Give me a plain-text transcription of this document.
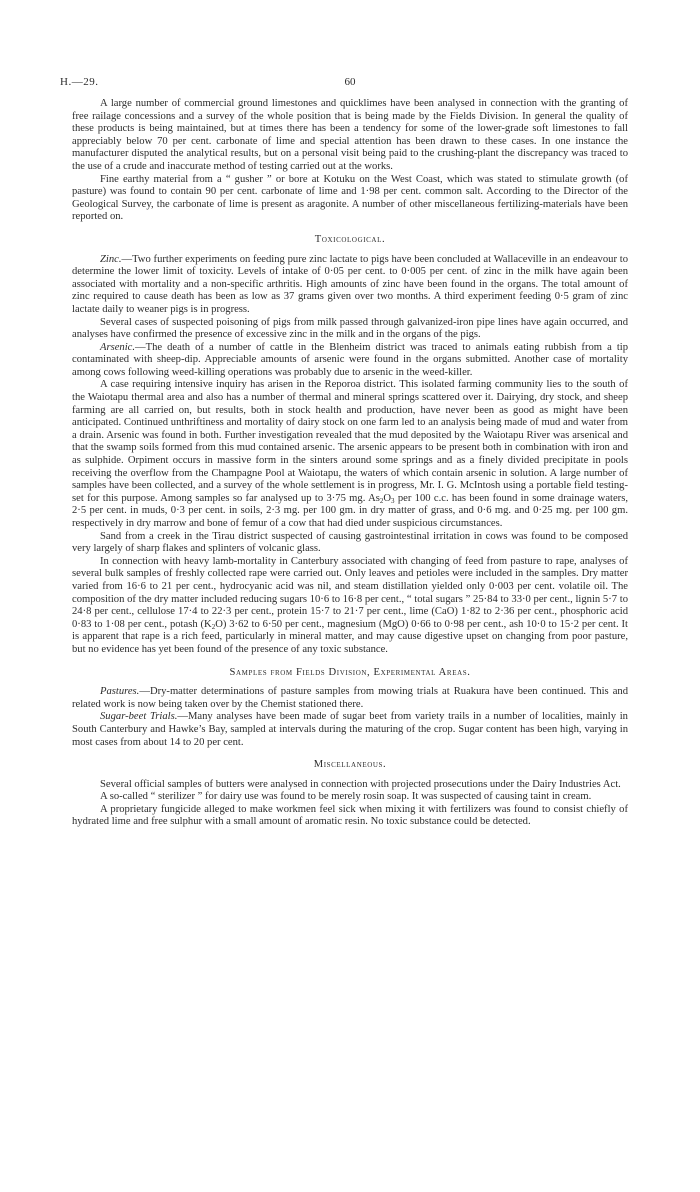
H.—29.	60

A large number of commercial ground limestones and quicklimes have been analysed in connection with the granting of free railage concessions and a survey of the whole position that is being made by the Fields Division. In general the quality of these products is being maintained, but at times there has been a tendency for some of the lower-grade soft limestones to fall appreciably below 70 per cent. carbonate of lime and special attention has been drawn to these cases. In one instance the manufacturer disputed the analytical results, but on a personal visit being paid to the crushing-plant the discrepancy was traced to the use of a crude and inaccurate method of testing carried out at the works.

Fine earthy material from a “ gusher ” or bore at Kotuku on the West Coast, which was stated to stimulate growth (of pasture) was found to contain 90 per cent. carbonate of lime and 1·98 per cent. common salt. According to the Director of the Geological Survey, the carbonate of lime is present as aragonite. A number of other miscellaneous fertilizing-materials have been reported on.

Toxicological.

Zinc.—Two further experiments on feeding pure zinc lactate to pigs have been concluded at Wallaceville in an endeavour to determine the lower limit of toxicity. Levels of intake of 0·05 per cent. to 0·005 per cent. of zinc in the milk have again been associated with mortality and a non-specific arthritis. High amounts of zinc have been found in the organs. The total amount of zinc required to cause death has been as low as 37 grams given over two months. A third experiment feeding 0·5 gram of zinc lactate daily to weaner pigs is in progress.

Several cases of suspected poisoning of pigs from milk passed through galvanized-iron pipe lines have again occurred, and analyses have confirmed the presence of excessive zinc in the milk and in the organs of the pigs.

Arsenic.—The death of a number of cattle in the Blenheim district was traced to animals eating rubbish from a tip contaminated with sheep-dip. Appreciable amounts of arsenic were found in the organs submitted. Another case of mortality among cows following weed-killing operations was probably due to arsenic in the weed-killer.

A case requiring intensive inquiry has arisen in the Reporoa district. This isolated farming community lies to the south of the Waiotapu thermal area and also has a number of thermal and mineral springs scattered over it. Dairying, dry stock, and sheep farming are all carried on, but results, both in stock health and production, have never been as good as might have been anticipated. Continued unthriftiness and mortality of dairy stock on one farm led to an analysis being made of mud and water from a drain. Arsenic was found in both. Further investigation revealed that the mud deposited by the Waiotapu River was arsenical and that the swamp soils formed from this mud contained arsenic. The arsenic appears to be present both in combination with iron and as sulphide. Orpiment occurs in massive form in the sinters around some springs and as a finely divided precipitate in pools receiving the overflow from the Champagne Pool at Waiotapu, the waters of which contain arsenic in solution. A large number of samples have been collected, and a survey of the whole settlement is in progress, Mr. I. G. McIntosh using a portable field testing-set for this purpose. Among samples so far analysed up to 3·75 mg. $As_2O_3$ per 100 c.c. has been found in some drainage waters, 2·5 per cent. in muds, 0·3 per cent. in soils, 2·3 mg. per 100 gm. in dry matter of grass, and 0·6 mg. and 0·25 mg. per 100 gm. respectively in dry marrow and bone of femur of a cow that had died under suspicious circumstances.

Sand from a creek in the Tirau district suspected of causing gastrointestinal irritation in cows was found to be composed very largely of sharp flakes and splinters of volcanic glass.

In connection with heavy lamb-mortality in Canterbury associated with changing of feed from pasture to rape, analyses of several bulk samples of freshly collected rape were carried out. Only leaves and petioles were included in the samples. Dry matter varied from 16·6 to 21 per cent., hydrocyanic acid was nil, and steam distillation yielded only 0·003 per cent. volatile oil. The composition of the dry matter included reducing sugars 10·6 to 16·8 per cent., “ total sugars ” 25·84 to 33·0 per cent., lignin 5·7 to 24·8 per cent., cellulose 17·4 to 22·3 per cent., protein 15·7 to 21·7 per cent., lime (CaO) 1·82 to 2·36 per cent., phosphoric acid 0·83 to 1·08 per cent., potash $(K_2O)$ 3·62 to 6·50 per cent., magnesium (MgO) 0·66 to 0·98 per cent., ash 10·0 to 15·2 per cent. It is apparent that rape is a rich feed, particularly in mineral matter, and may cause digestive upset on changing from poor pasture, but no evidence has yet been found of the presence of any toxic substance.

Samples from Fields Division, Experimental Areas.

Pastures.—Dry-matter determinations of pasture samples from mowing trials at Ruakura have been continued. This and related work is now being taken over by the Chemist stationed there.

Sugar-beet Trials.—Many analyses have been made of sugar beet from variety trails in a number of localities, mainly in South Canterbury and Hawke’s Bay, sampled at intervals during the maturing of the crop. Sugar content has been high, varying in most cases from about 14 to 20 per cent.

Miscellaneous.

Several official samples of butters were analysed in connection with projected prosecutions under the Dairy Industries Act.

A so-called “ sterilizer ” for dairy use was found to be merely rosin soap. It was suspected of causing taint in cream.

A proprietary fungicide alleged to make workmen feel sick when mixing it with fertilizers was found to consist chiefly of hydrated lime and free sulphur with a small amount of aromatic resin. No toxic substance could be detected.
